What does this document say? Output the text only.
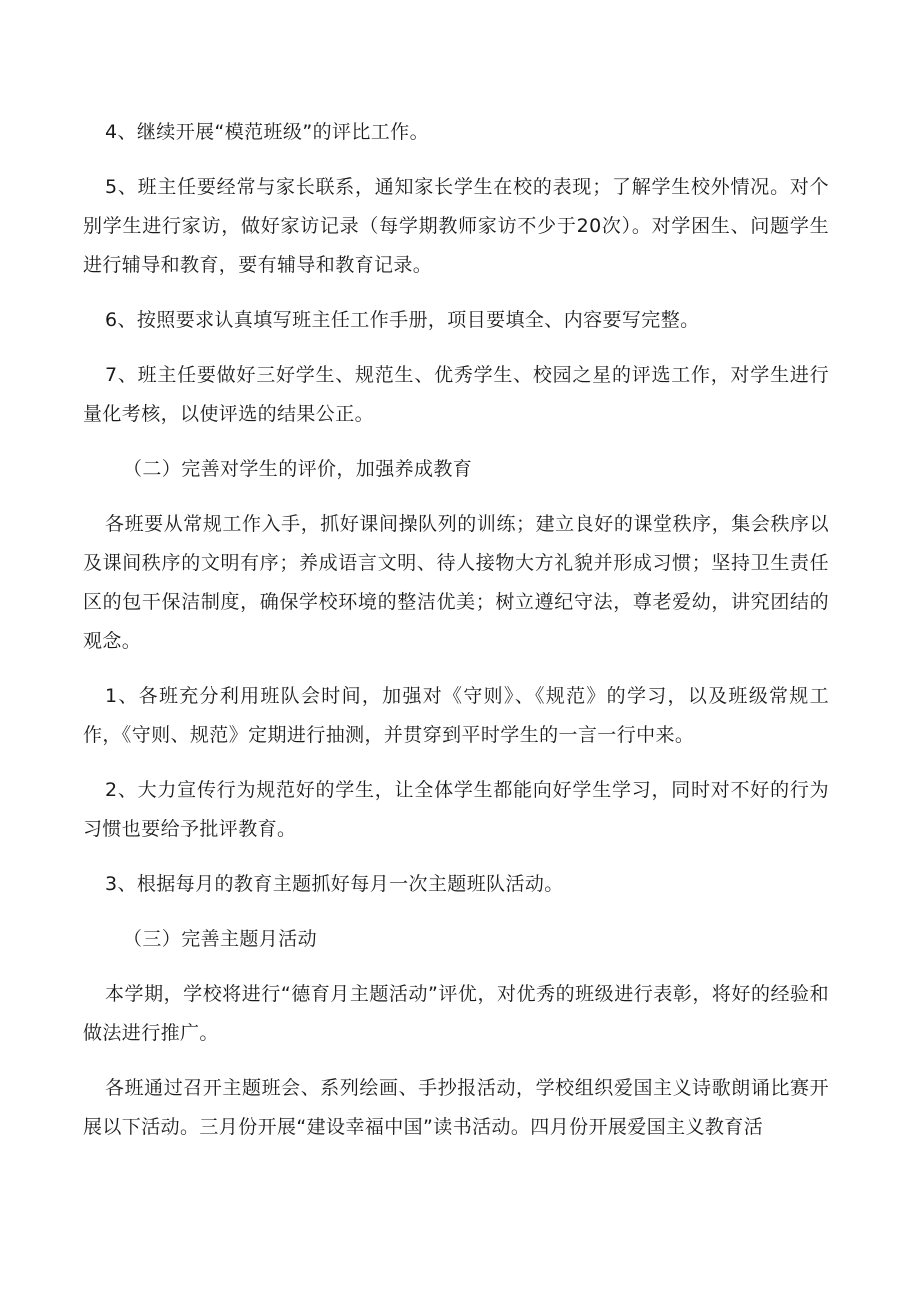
4、继续开展“模范班级”的评比工作。

5、班主任要经常与家长联系，通知家长学生在校的表现；了解学生校外情况。对个别学生进行家访，做好家访记录（每学期教师家访不少于20次）。对学困生、问题学生进行辅导和教育，要有辅导和教育记录。

6、按照要求认真填写班主任工作手册，项目要填全、内容要写完整。

7、班主任要做好三好学生、规范生、优秀学生、校园之星的评选工作，对学生进行量化考核，以使评选的结果公正。

（二）完善对学生的评价，加强养成教育

各班要从常规工作入手，抓好课间操队列的训练；建立良好的课堂秩序，集会秩序以及课间秩序的文明有序；养成语言文明、待人接物大方礼貌并形成习惯；坚持卫生责任区的包干保洁制度，确保学校环境的整洁优美；树立遵纪守法，尊老爱幼，讲究团结的观念。

1、各班充分利用班队会时间，加强对《守则》、《规范》的学习，以及班级常规工作，《守则、规范》定期进行抽测，并贯穿到平时学生的一言一行中来。

2、大力宣传行为规范好的学生，让全体学生都能向好学生学习，同时对不好的行为习惯也要给予批评教育。

3、根据每月的教育主题抓好每月一次主题班队活动。

（三）完善主题月活动

本学期，学校将进行“德育月主题活动”评优，对优秀的班级进行表彰，将好的经验和做法进行推广。

各班通过召开主题班会、系列绘画、手抄报活动，学校组织爱国主义诗歌朗诵比赛开展以下活动。三月份开展“建设幸福中国”读书活动。四月份开展爱国主义教育活
